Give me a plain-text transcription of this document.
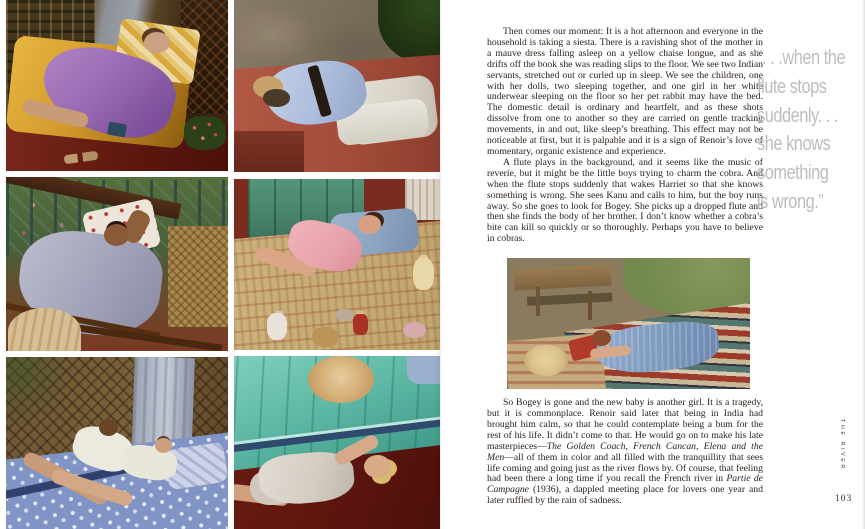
Then comes our moment: It is a hot afternoon and everyone in the household is taking a siesta. There is a ravishing shot of the mother in a mauve dress falling asleep on a yellow chaise longue, and as she drifts off the book she was reading slips to the floor. We see two Indian servants, stretched out or curled up in sleep. We see the children, one with her dolls, two sleeping together, and one girl in her white underwear sleeping on the floor so her pet rabbit may have the bed. The domestic detail is ordinary and heartfelt, and as these shots dissolve from one to another so they are carried on gentle tracking movements, in and out, like sleep’s breathing. This effect may not be noticeable at first, but it is palpable and it is a sign of Renoir’s love of momentary, organic existence and experience.

A flute plays in the background, and it seems like the music of reverie, but it might be the little boys trying to charm the cobra. And when the flute stops suddenly that wakes Harriet so that she knows something is wrong. She sees Kanu and calls to him, but the boy runs away. So she goes to look for Bogey. She picks up a dropped flute and then she finds the body of her brother. I don’t know whether a cobra’s bite can kill so quickly or so thoroughly. Perhaps you have to believe in cobras.

So Bogey is gone and the new baby is another girl. It is a tragedy, but it is commonplace. Renoir said later that being in India had brought him calm, so that he could contemplate being a bum for the rest of his life. It didn’t come to that. He would go on to make his late masterpieces—The Golden Coach, French Cancan, Elena and the Men—all of them in color and all filled with the tranquillity that sees life coming and going just as the river flows by. Of course, that feeling had been there a long time if you recall the French river in Partie de Campagne (1936), a dappled meeting place for lovers one year and later ruffled by the rain of sadness.

“. . .when the
flute stops
suddenly. . .
she knows
something
is wrong.”
THE RIVER
103
